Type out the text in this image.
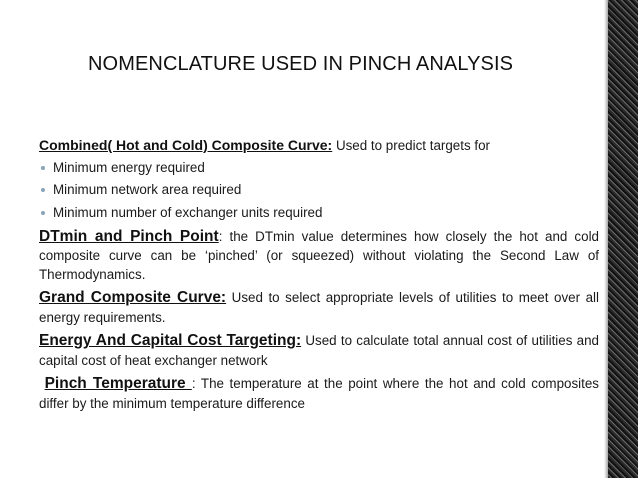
NOMENCLATURE USED IN PINCH ANALYSIS

Combined( Hot and Cold) Composite Curve: Used to predict targets for

Minimum energy required
Minimum network area required
Minimum number of exchanger units required

DTmin and Pinch Point: the DTmin value determines how closely the hot and cold composite curve can be ‘pinched’ (or squeezed) without violating the Second Law of Thermodynamics.

Grand Composite Curve: Used to select appropriate levels of utilities to meet over all energy requirements.

Energy And Capital Cost Targeting: Used to calculate total annual cost of utilities and capital cost of heat exchanger network

Pinch Temperature : The temperature at the point where the hot and cold composites differ by the minimum temperature difference
